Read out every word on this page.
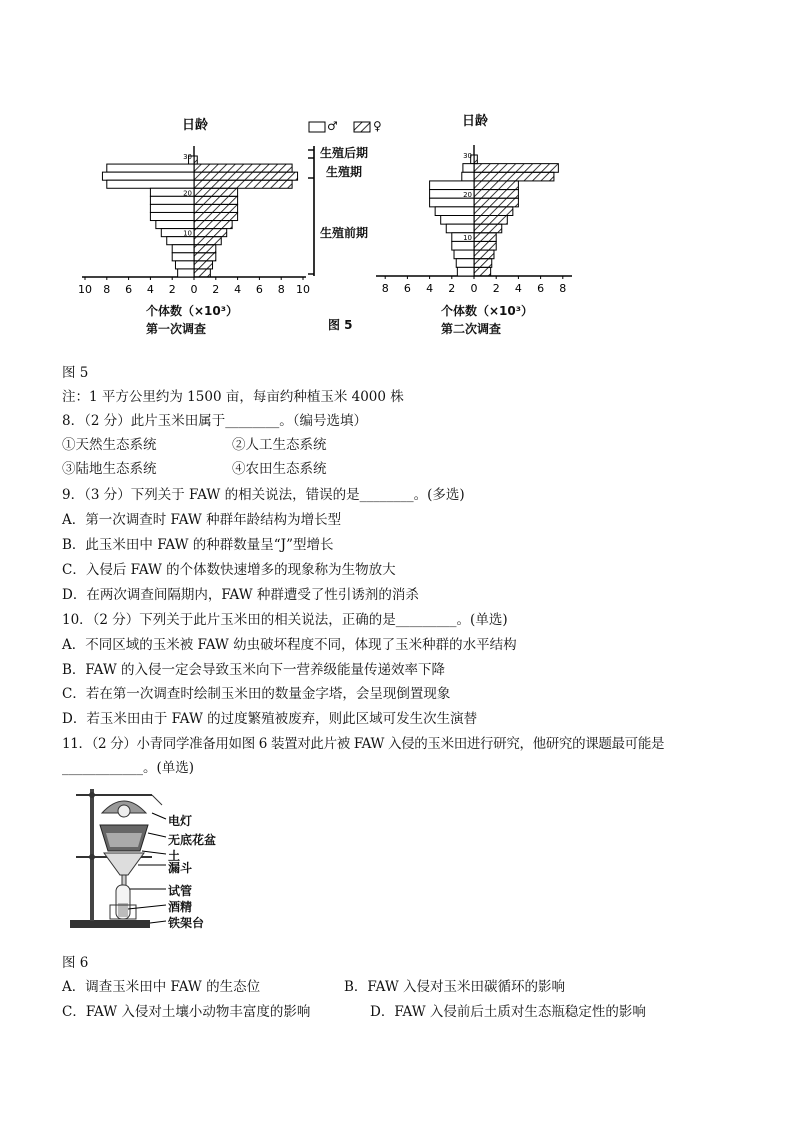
30
20
10
10 8 6 4 2 0 2 4 6 8 10
30
20
10
8 6 4 2 0 2 4 6 8
日龄	日龄
♂	♀
生殖后期
生殖期
生殖前期
个体数（×10³）
第一次调查	图 5
个体数（×10³）
第二次调查
图 5
注：1 平方公里约为 1500 亩，每亩约种植玉米 4000 株
8．（2 分）此片玉米田属于________。（编号选填）
①天然生态系统	②人工生态系统
③陆地生态系统	④农田生态系统
9．（3 分）下列关于 FAW 的相关说法，错误的是________。(多选)
A．第一次调查时 FAW 种群年龄结构为增长型
B．此玉米田中 FAW 的种群数量呈“J”型增长
C．入侵后 FAW 的个体数快速增多的现象称为生物放大
D．在两次调查间隔期内，FAW 种群遭受了性引诱剂的消杀
10．（2 分）下列关于此片玉米田的相关说法，正确的是_________。(单选)
A．不同区域的玉米被 FAW 幼虫破坏程度不同，体现了玉米种群的水平结构
B．FAW 的入侵一定会导致玉米向下一营养级能量传递效率下降
C．若在第一次调查时绘制玉米田的数量金字塔，会呈现倒置现象
D．若玉米田由于 FAW 的过度繁殖被废弃，则此区域可发生次生演替
11．（2 分）小青同学准备用如图 6 装置对此片被 FAW 入侵的玉米田进行研究，他研究的课题最可能是
____________。(单选)
电灯
无底花盆
土
漏斗
试管
酒精
铁架台
图 6
A．调查玉米田中 FAW 的生态位	B．FAW 入侵对玉米田碳循环的影响
C．FAW 入侵对土壤小动物丰富度的影响	D．FAW 入侵前后土质对生态瓶稳定性的影响
